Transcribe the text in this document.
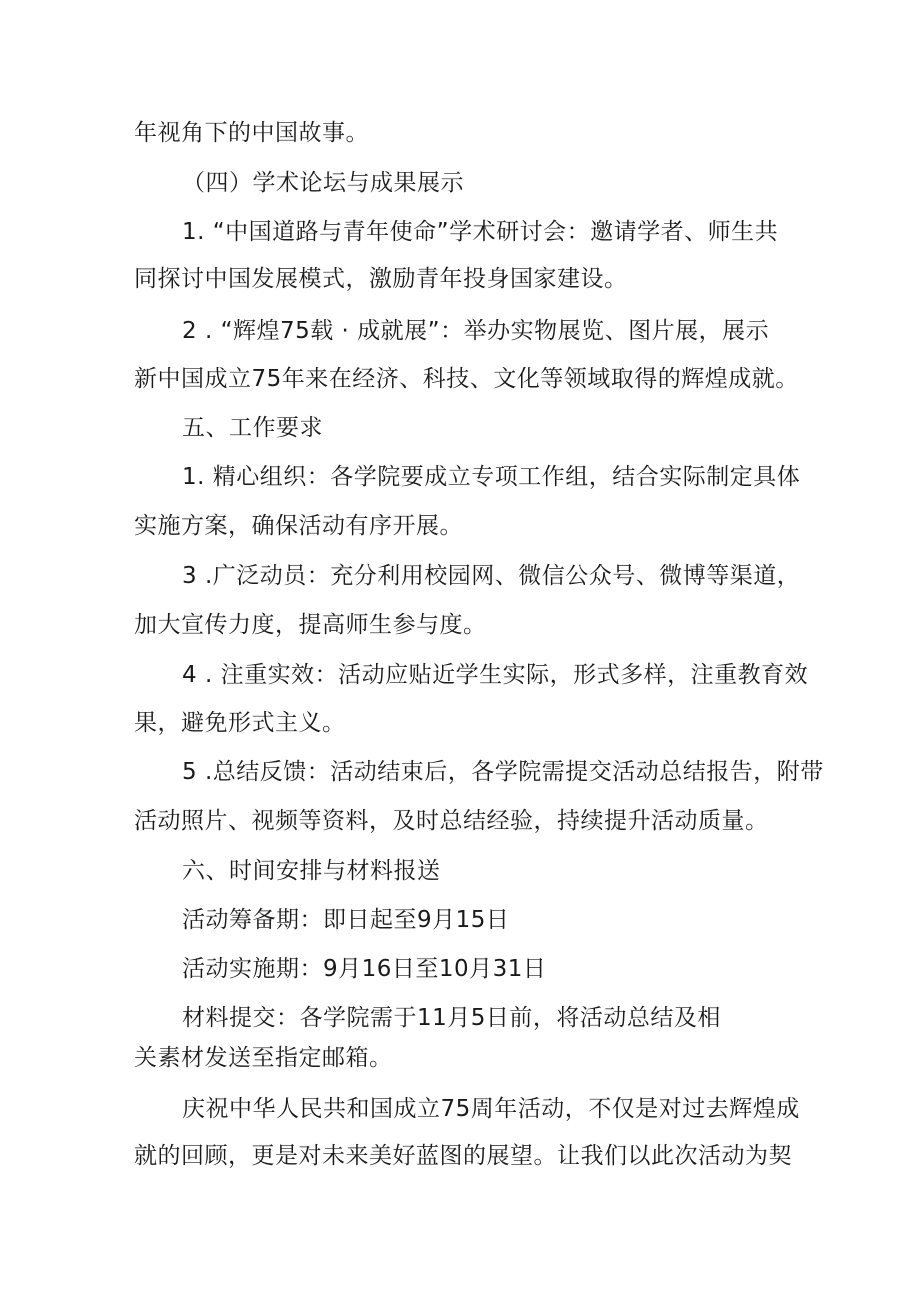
年视角下的中国故事。
（四）学术论坛与成果展示
1. “中国道路与青年使命”学术研讨会：邀请学者、师生共
同探讨中国发展模式，激励青年投身国家建设。
2 . “辉煌75载 · 成就展”：举办实物展览、图片展，展示
新中国成立75年来在经济、科技、文化等领域取得的辉煌成就。
五、工作要求
1. 精心组织：各学院要成立专项工作组，结合实际制定具体
实施方案，确保活动有序开展。
3 .广泛动员：充分利用校园网、微信公众号、微博等渠道，
加大宣传力度，提高师生参与度。
4 . 注重实效：活动应贴近学生实际，形式多样，注重教育效
果，避免形式主义。
5 .总结反馈：活动结束后，各学院需提交活动总结报告，附带
活动照片、视频等资料，及时总结经验，持续提升活动质量。
六、时间安排与材料报送
活动筹备期：即日起至9月15日
活动实施期：9月16日至10月31日
材料提交：各学院需于11月5日前，将活动总结及相
关素材发送至指定邮箱。
庆祝中华人民共和国成立75周年活动，不仅是对过去辉煌成
就的回顾，更是对未来美好蓝图的展望。让我们以此次活动为契
